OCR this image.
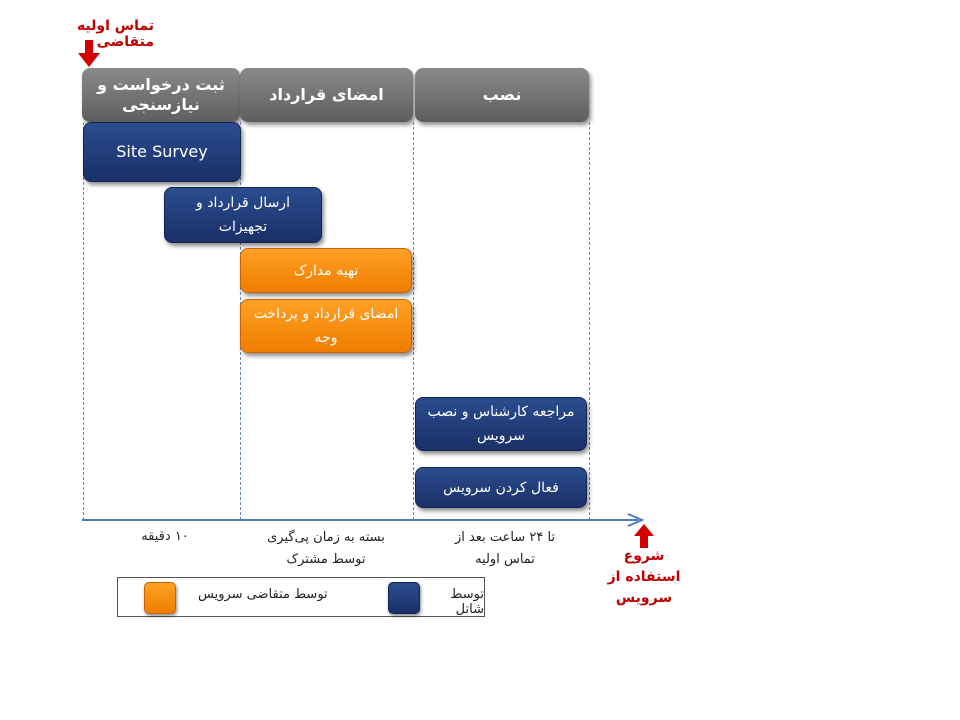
تماس اولیه متقاضی
ثبت درخواست و نیازسنجی
امضای قرارداد	نصب
Site Survey
ارسال قرارداد و تجهیزات
تهیه مدارک
امضای قرارداد و پرداخت وجه
مراجعه کارشناس و نصب سرویس
فعال کردن سرویس
۱۰ دقیقه	بسته به زمان پی‌گیری توسط مشترک
تا ۲۴ ساعت بعد از تماس اولیه	شروع استفاده از سرویس
توسط شاتل
توسط متقاضی سرویس
